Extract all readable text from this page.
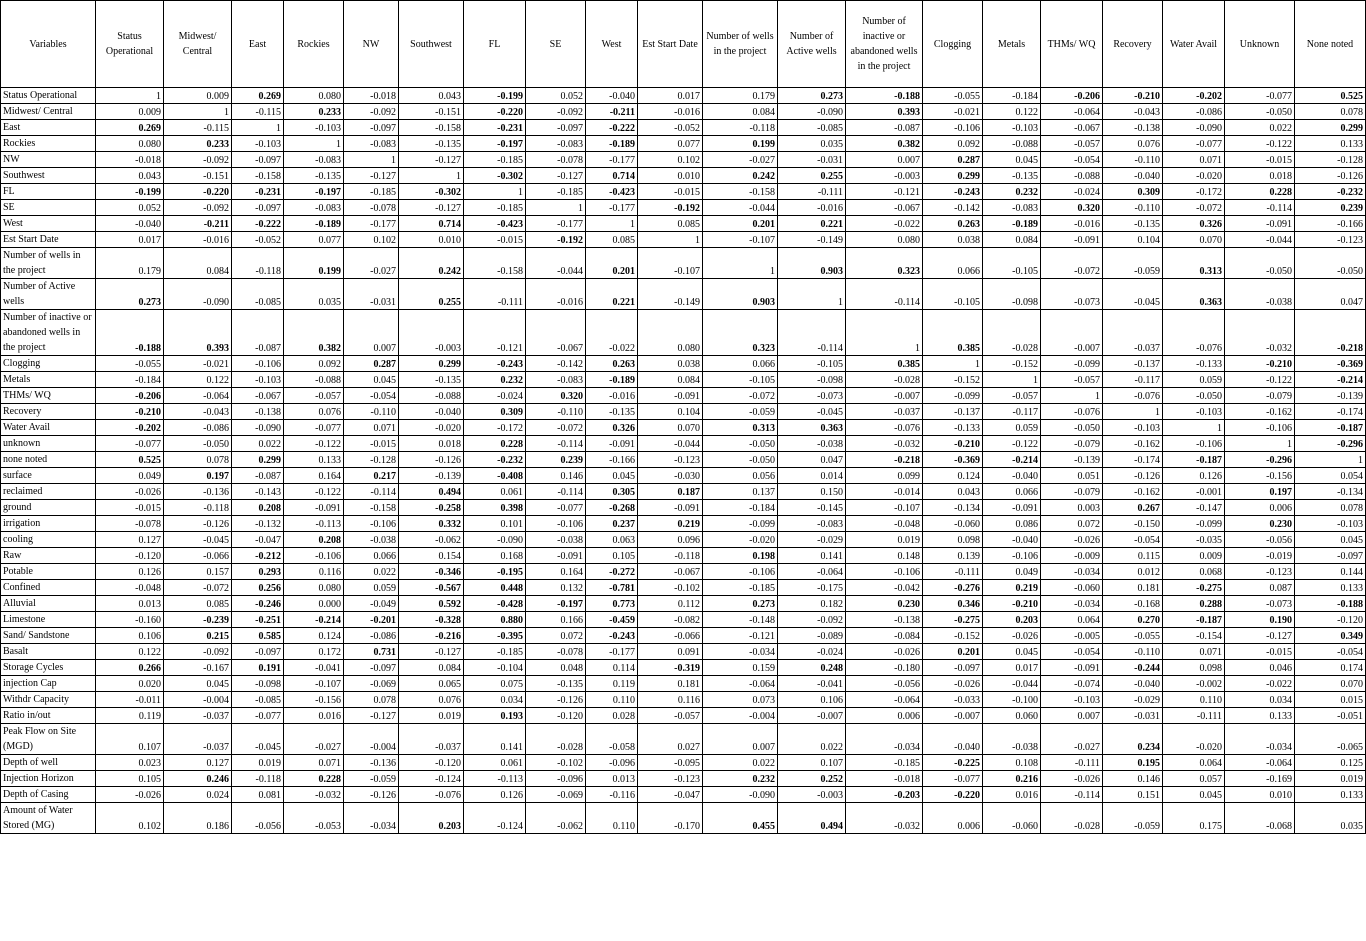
Variables	Status Operational	Midwest/ Central	East	Rockies	NW	Southwest	FL	SE	West	Est Start Date	Number of wells in the project	Number of Active wells	Number of inactive or abandoned wells in the project	Clogging	Metals	THMs/ WQ	Recovery	Water Avail	Unknown	None noted
Status Operational	1	0.009	0.269	0.080	-0.018	0.043	-0.199	0.052	-0.040	0.017	0.179	0.273	-0.188	-0.055	-0.184	-0.206	-0.210	-0.202	-0.077	0.525
Midwest/ Central	0.009	1	-0.115	0.233	-0.092	-0.151	-0.220	-0.092	-0.211	-0.016	0.084	-0.090	0.393	-0.021	0.122	-0.064	-0.043	-0.086	-0.050	0.078
East	0.269	-0.115	1	-0.103	-0.097	-0.158	-0.231	-0.097	-0.222	-0.052	-0.118	-0.085	-0.087	-0.106	-0.103	-0.067	-0.138	-0.090	0.022	0.299
Rockies	0.080	0.233	-0.103	1	-0.083	-0.135	-0.197	-0.083	-0.189	0.077	0.199	0.035	0.382	0.092	-0.088	-0.057	0.076	-0.077	-0.122	0.133
NW	-0.018	-0.092	-0.097	-0.083	1	-0.127	-0.185	-0.078	-0.177	0.102	-0.027	-0.031	0.007	0.287	0.045	-0.054	-0.110	0.071	-0.015	-0.128
Southwest	0.043	-0.151	-0.158	-0.135	-0.127	1	-0.302	-0.127	0.714	0.010	0.242	0.255	-0.003	0.299	-0.135	-0.088	-0.040	-0.020	0.018	-0.126
FL	-0.199	-0.220	-0.231	-0.197	-0.185	-0.302	1	-0.185	-0.423	-0.015	-0.158	-0.111	-0.121	-0.243	0.232	-0.024	0.309	-0.172	0.228	-0.232
SE	0.052	-0.092	-0.097	-0.083	-0.078	-0.127	-0.185	1	-0.177	-0.192	-0.044	-0.016	-0.067	-0.142	-0.083	0.320	-0.110	-0.072	-0.114	0.239
West	-0.040	-0.211	-0.222	-0.189	-0.177	0.714	-0.423	-0.177	1	0.085	0.201	0.221	-0.022	0.263	-0.189	-0.016	-0.135	0.326	-0.091	-0.166
Est Start Date	0.017	-0.016	-0.052	0.077	0.102	0.010	-0.015	-0.192	0.085	1	-0.107	-0.149	0.080	0.038	0.084	-0.091	0.104	0.070	-0.044	-0.123
Number of wells in the project	0.179	0.084	-0.118	0.199	-0.027	0.242	-0.158	-0.044	0.201	-0.107	1	0.903	0.323	0.066	-0.105	-0.072	-0.059	0.313	-0.050	-0.050
Number of Active wells	0.273	-0.090	-0.085	0.035	-0.031	0.255	-0.111	-0.016	0.221	-0.149	0.903	1	-0.114	-0.105	-0.098	-0.073	-0.045	0.363	-0.038	0.047
Number of inactive or abandoned wells in the project	-0.188	0.393	-0.087	0.382	0.007	-0.003	-0.121	-0.067	-0.022	0.080	0.323	-0.114	1	0.385	-0.028	-0.007	-0.037	-0.076	-0.032	-0.218
Clogging	-0.055	-0.021	-0.106	0.092	0.287	0.299	-0.243	-0.142	0.263	0.038	0.066	-0.105	0.385	1	-0.152	-0.099	-0.137	-0.133	-0.210	-0.369
Metals	-0.184	0.122	-0.103	-0.088	0.045	-0.135	0.232	-0.083	-0.189	0.084	-0.105	-0.098	-0.028	-0.152	1	-0.057	-0.117	0.059	-0.122	-0.214
THMs/ WQ	-0.206	-0.064	-0.067	-0.057	-0.054	-0.088	-0.024	0.320	-0.016	-0.091	-0.072	-0.073	-0.007	-0.099	-0.057	1	-0.076	-0.050	-0.079	-0.139
Recovery	-0.210	-0.043	-0.138	0.076	-0.110	-0.040	0.309	-0.110	-0.135	0.104	-0.059	-0.045	-0.037	-0.137	-0.117	-0.076	1	-0.103	-0.162	-0.174
Water Avail	-0.202	-0.086	-0.090	-0.077	0.071	-0.020	-0.172	-0.072	0.326	0.070	0.313	0.363	-0.076	-0.133	0.059	-0.050	-0.103	1	-0.106	-0.187
unknown	-0.077	-0.050	0.022	-0.122	-0.015	0.018	0.228	-0.114	-0.091	-0.044	-0.050	-0.038	-0.032	-0.210	-0.122	-0.079	-0.162	-0.106	1	-0.296
none noted	0.525	0.078	0.299	0.133	-0.128	-0.126	-0.232	0.239	-0.166	-0.123	-0.050	0.047	-0.218	-0.369	-0.214	-0.139	-0.174	-0.187	-0.296	1
surface	0.049	0.197	-0.087	0.164	0.217	-0.139	-0.408	0.146	0.045	-0.030	0.056	0.014	0.099	0.124	-0.040	0.051	-0.126	0.126	-0.156	0.054
reclaimed	-0.026	-0.136	-0.143	-0.122	-0.114	0.494	0.061	-0.114	0.305	0.187	0.137	0.150	-0.014	0.043	0.066	-0.079	-0.162	-0.001	0.197	-0.134
ground	-0.015	-0.118	0.208	-0.091	-0.158	-0.258	0.398	-0.077	-0.268	-0.091	-0.184	-0.145	-0.107	-0.134	-0.091	0.003	0.267	-0.147	0.006	0.078
irrigation	-0.078	-0.126	-0.132	-0.113	-0.106	0.332	0.101	-0.106	0.237	0.219	-0.099	-0.083	-0.048	-0.060	0.086	0.072	-0.150	-0.099	0.230	-0.103
cooling	0.127	-0.045	-0.047	0.208	-0.038	-0.062	-0.090	-0.038	0.063	0.096	-0.020	-0.029	0.019	0.098	-0.040	-0.026	-0.054	-0.035	-0.056	0.045
Raw	-0.120	-0.066	-0.212	-0.106	0.066	0.154	0.168	-0.091	0.105	-0.118	0.198	0.141	0.148	0.139	-0.106	-0.009	0.115	0.009	-0.019	-0.097
Potable	0.126	0.157	0.293	0.116	0.022	-0.346	-0.195	0.164	-0.272	-0.067	-0.106	-0.064	-0.106	-0.111	0.049	-0.034	0.012	0.068	-0.123	0.144
Confined	-0.048	-0.072	0.256	0.080	0.059	-0.567	0.448	0.132	-0.781	-0.102	-0.185	-0.175	-0.042	-0.276	0.219	-0.060	0.181	-0.275	0.087	0.133
Alluvial	0.013	0.085	-0.246	0.000	-0.049	0.592	-0.428	-0.197	0.773	0.112	0.273	0.182	0.230	0.346	-0.210	-0.034	-0.168	0.288	-0.073	-0.188
Limestone	-0.160	-0.239	-0.251	-0.214	-0.201	-0.328	0.880	0.166	-0.459	-0.082	-0.148	-0.092	-0.138	-0.275	0.203	0.064	0.270	-0.187	0.190	-0.120
Sand/ Sandstone	0.106	0.215	0.585	0.124	-0.086	-0.216	-0.395	0.072	-0.243	-0.066	-0.121	-0.089	-0.084	-0.152	-0.026	-0.005	-0.055	-0.154	-0.127	0.349
Basalt	0.122	-0.092	-0.097	0.172	0.731	-0.127	-0.185	-0.078	-0.177	0.091	-0.034	-0.024	-0.026	0.201	0.045	-0.054	-0.110	0.071	-0.015	-0.054
Storage Cycles	0.266	-0.167	0.191	-0.041	-0.097	0.084	-0.104	0.048	0.114	-0.319	0.159	0.248	-0.180	-0.097	0.017	-0.091	-0.244	0.098	0.046	0.174
injection Cap	0.020	0.045	-0.098	-0.107	-0.069	0.065	0.075	-0.135	0.119	0.181	-0.064	-0.041	-0.056	-0.026	-0.044	-0.074	-0.040	-0.002	-0.022	0.070
Withdr Capacity	-0.011	-0.004	-0.085	-0.156	0.078	0.076	0.034	-0.126	0.110	0.116	0.073	0.106	-0.064	-0.033	-0.100	-0.103	-0.029	0.110	0.034	0.015
Ratio in/out	0.119	-0.037	-0.077	0.016	-0.127	0.019	0.193	-0.120	0.028	-0.057	-0.004	-0.007	0.006	-0.007	0.060	0.007	-0.031	-0.111	0.133	-0.051
Peak Flow on Site (MGD)	0.107	-0.037	-0.045	-0.027	-0.004	-0.037	0.141	-0.028	-0.058	0.027	0.007	0.022	-0.034	-0.040	-0.038	-0.027	0.234	-0.020	-0.034	-0.065
Depth of well	0.023	0.127	0.019	0.071	-0.136	-0.120	0.061	-0.102	-0.096	-0.095	0.022	0.107	-0.185	-0.225	0.108	-0.111	0.195	0.064	-0.064	0.125
Injection Horizon	0.105	0.246	-0.118	0.228	-0.059	-0.124	-0.113	-0.096	0.013	-0.123	0.232	0.252	-0.018	-0.077	0.216	-0.026	0.146	0.057	-0.169	0.019
Depth of Casing	-0.026	0.024	0.081	-0.032	-0.126	-0.076	0.126	-0.069	-0.116	-0.047	-0.090	-0.003	-0.203	-0.220	0.016	-0.114	0.151	0.045	0.010	0.133
Amount of Water Stored (MG)	0.102	0.186	-0.056	-0.053	-0.034	0.203	-0.124	-0.062	0.110	-0.170	0.455	0.494	-0.032	0.006	-0.060	-0.028	-0.059	0.175	-0.068	0.035
